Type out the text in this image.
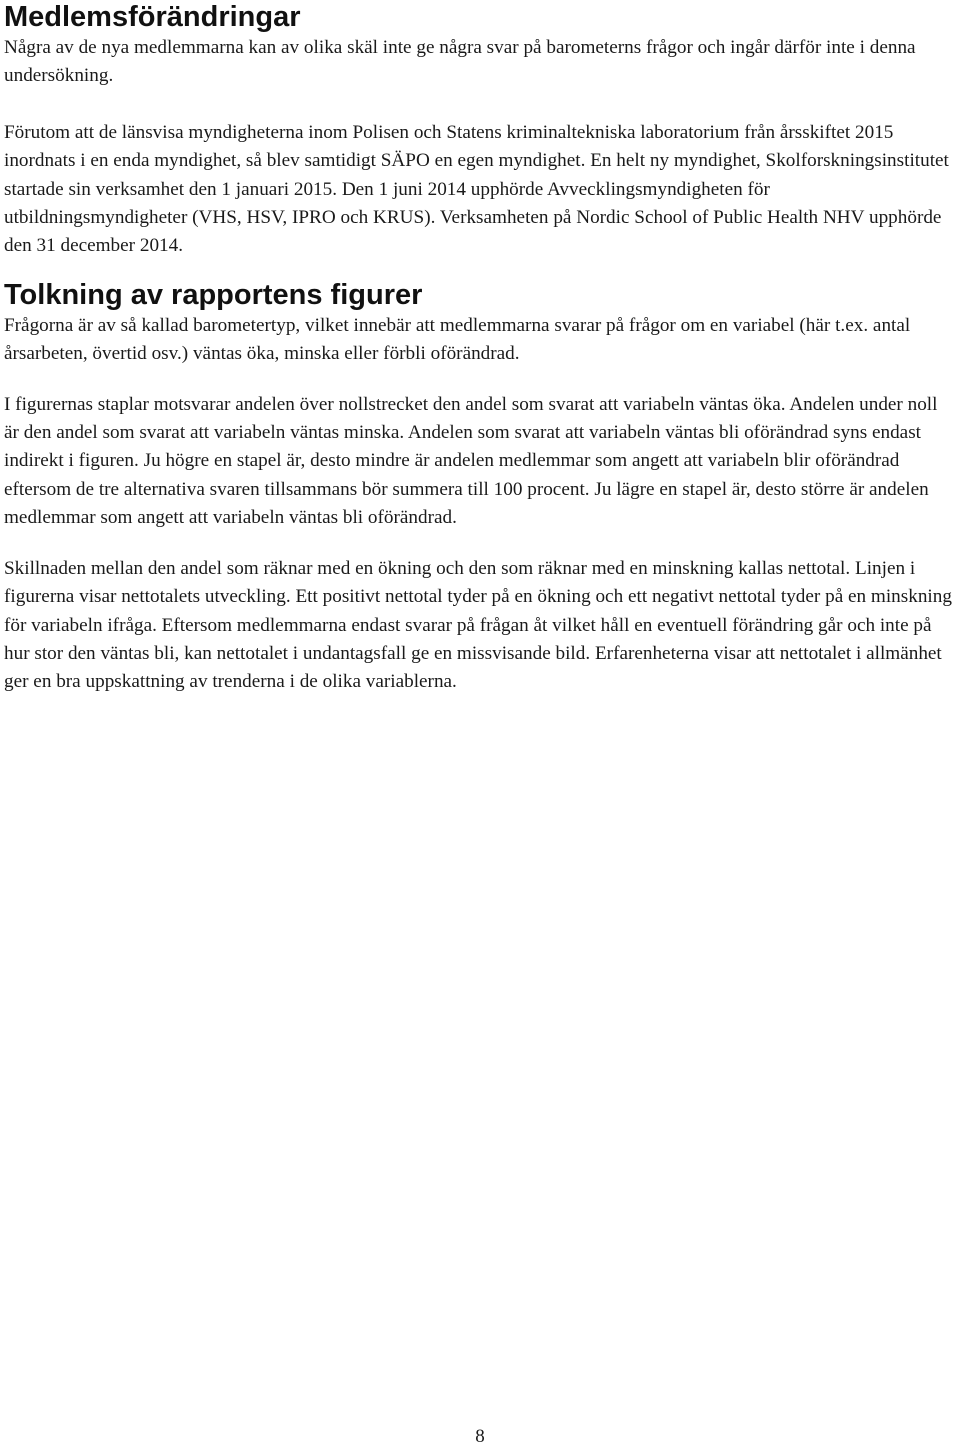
Medlemsförändringar

Några av de nya medlemmarna kan av olika skäl inte ge några svar på barometerns frågor och ingår därför inte i denna undersökning.

Förutom att de länsvisa myndigheterna inom Polisen och Statens kriminaltekniska laboratorium från årsskiftet 2015 inordnats i en enda myndighet, så blev samtidigt SÄPO en egen myndighet. En helt ny myndighet, Skolforskningsinstitutet startade sin verksamhet den 1 januari 2015. Den 1 juni 2014 upphörde Avvecklingsmyndigheten för utbildningsmyndigheter (VHS, HSV, IPRO och KRUS). Verksamheten på Nordic School of Public Health NHV upphörde den 31 december 2014.

Tolkning av rapportens figurer

Frågorna är av så kallad barometertyp, vilket innebär att medlemmarna svarar på frågor om en variabel (här t.ex. antal årsarbeten, övertid osv.) väntas öka, minska eller förbli oförändrad.

I figurernas staplar motsvarar andelen över nollstrecket den andel som svarat att variabeln väntas öka. Andelen under noll är den andel som svarat att variabeln väntas minska. Andelen som svarat att variabeln väntas bli oförändrad syns endast indirekt i figuren. Ju högre en stapel är, desto mindre är andelen medlemmar som angett att variabeln blir oförändrad eftersom de tre alternativa svaren tillsammans bör summera till 100 procent. Ju lägre en stapel är, desto större är andelen medlemmar som angett att variabeln väntas bli oförändrad.

Skillnaden mellan den andel som räknar med en ökning och den som räknar med en minskning kallas nettotal. Linjen i figurerna visar nettotalets utveckling. Ett positivt nettotal tyder på en ökning och ett negativt nettotal tyder på en minskning för variabeln ifråga. Eftersom medlemmarna endast svarar på frågan åt vilket håll en eventuell förändring går och inte på hur stor den väntas bli, kan nettotalet i undantagsfall ge en missvisande bild. Erfarenheterna visar att nettotalet i allmänhet ger en bra uppskattning av trenderna i de olika variablerna.

8
